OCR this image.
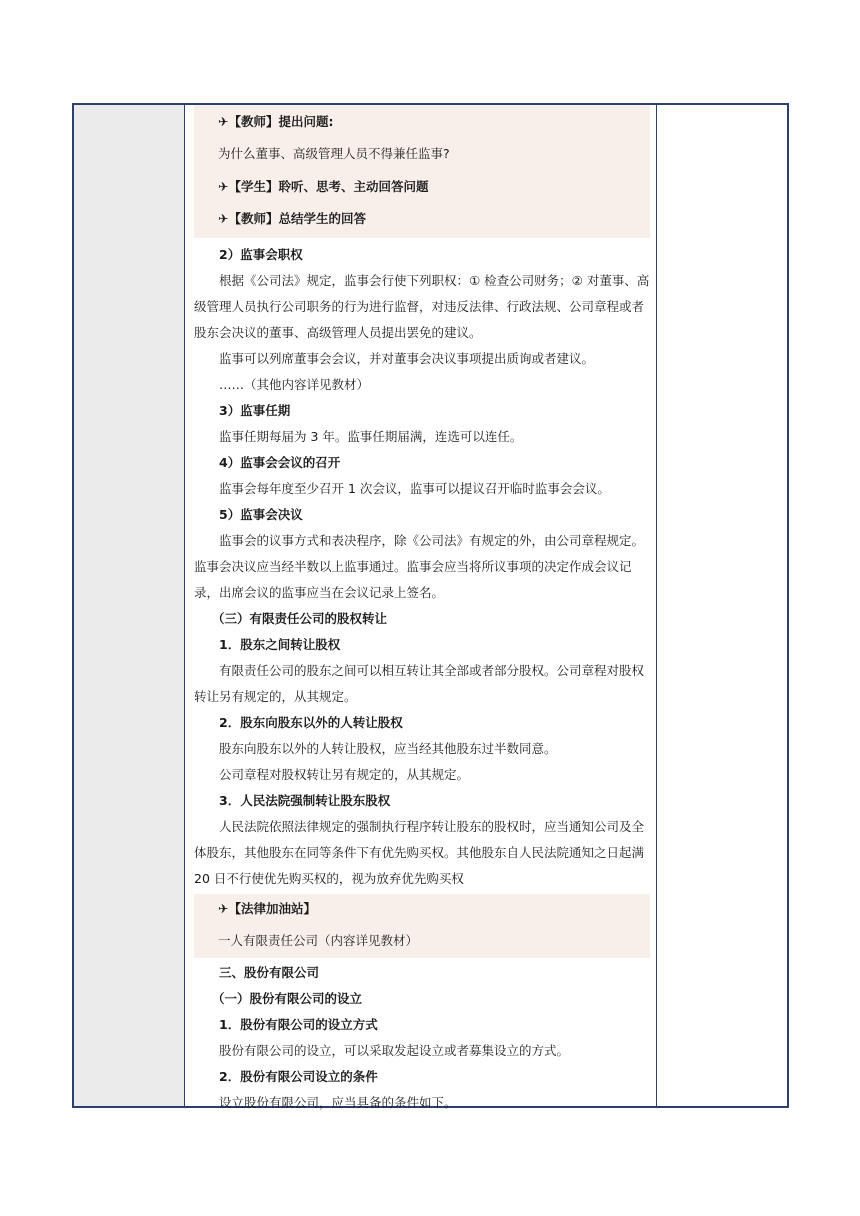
✈【教师】提出问题:
为什么董事、高级管理人员不得兼任监事?
✈【学生】聆听、思考、主动回答问题
✈【教师】总结学生的回答

2）监事会职权

根据《公司法》规定，监事会行使下列职权：① 检查公司财务；② 对董事、高级管理人员执行公司职务的行为进行监督，对违反法律、行政法规、公司章程或者股东会决议的董事、高级管理人员提出罢免的建议。

监事可以列席董事会会议，并对董事会决议事项提出质询或者建议。

……（其他内容详见教材）

3）监事任期

监事任期每届为 3 年。监事任期届满，连选可以连任。

4）监事会会议的召开

监事会每年度至少召开 1 次会议，监事可以提议召开临时监事会会议。

5）监事会决议

监事会的议事方式和表决程序，除《公司法》有规定的外，由公司章程规定。监事会决议应当经半数以上监事通过。监事会应当将所议事项的决定作成会议记录，出席会议的监事应当在会议记录上签名。

（三）有限责任公司的股权转让

1．股东之间转让股权

有限责任公司的股东之间可以相互转让其全部或者部分股权。公司章程对股权转让另有规定的，从其规定。

2．股东向股东以外的人转让股权

股东向股东以外的人转让股权，应当经其他股东过半数同意。

公司章程对股权转让另有规定的，从其规定。

3．人民法院强制转让股东股权

人民法院依照法律规定的强制执行程序转让股东的股权时，应当通知公司及全体股东，其他股东在同等条件下有优先购买权。其他股东自人民法院通知之日起满 20 日不行使优先购买权的，视为放弃优先购买权

✈【法律加油站】
一人有限责任公司（内容详见教材）

三、股份有限公司

（一）股份有限公司的设立

1．股份有限公司的设立方式

股份有限公司的设立，可以采取发起设立或者募集设立的方式。

2．股份有限公司设立的条件

设立股份有限公司，应当具备的条件如下。
